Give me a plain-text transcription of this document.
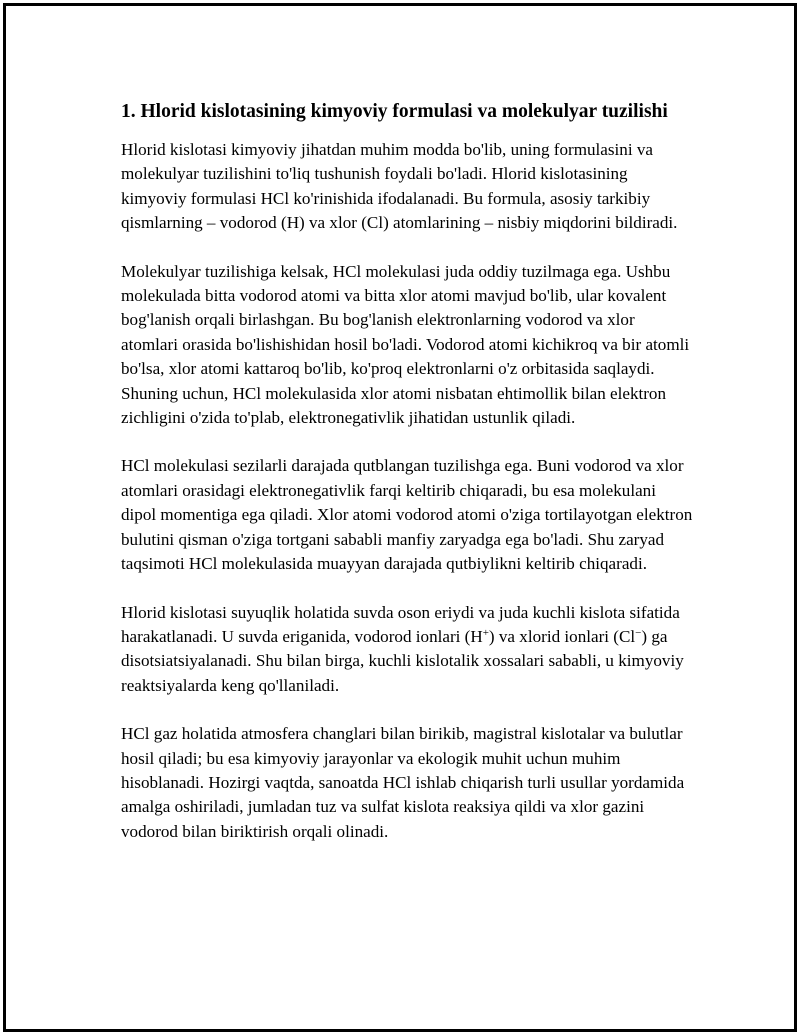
1. Hlorid kislotasining kimyoviy formulasi va molekulyar tuzilishi

Hlorid kislotasi kimyoviy jihatdan muhim modda bo'lib, uning formulasini va molekulyar tuzilishini to'liq tushunish foydali bo'ladi. Hlorid kislotasining kimyoviy formulasi HCl ko'rinishida ifodalanadi. Bu formula, asosiy tarkibiy qismlarning – vodorod (H) va xlor (Cl) atomlarining – nisbiy miqdorini bildiradi.

Molekulyar tuzilishiga kelsak, HCl molekulasi juda oddiy tuzilmaga ega. Ushbu molekulada bitta vodorod atomi va bitta xlor atomi mavjud bo'lib, ular kovalent bog'lanish orqali birlashgan. Bu bog'lanish elektronlarning vodorod va xlor atomlari orasida bo'lishishidan hosil bo'ladi. Vodorod atomi kichikroq va bir atomli bo'lsa, xlor atomi kattaroq bo'lib, ko'proq elektronlarni o'z orbitasida saqlaydi. Shuning uchun, HCl molekulasida xlor atomi nisbatan ehtimollik bilan elektron zichligini o'zida to'plab, elektronegativlik jihatidan ustunlik qiladi.

HCl molekulasi sezilarli darajada qutblangan tuzilishga ega. Buni vodorod va xlor atomlari orasidagi elektronegativlik farqi keltirib chiqaradi, bu esa molekulani dipol momentiga ega qiladi. Xlor atomi vodorod atomi o'ziga tortilayotgan elektron bulutini qisman o'ziga tortgani sababli manfiy zaryadga ega bo'ladi. Shu zaryad taqsimoti HCl molekulasida muayyan darajada qutbiylikni keltirib chiqaradi.

Hlorid kislotasi suyuqlik holatida suvda oson eriydi va juda kuchli kislota sifatida harakatlanadi. U suvda eriganida, vodorod ionlari (H+) va xlorid ionlari (Cl−) ga disotsiatsiyalanadi. Shu bilan birga, kuchli kislotalik xossalari sababli, u kimyoviy reaktsiyalarda keng qo'llaniladi.

HCl gaz holatida atmosfera changlari bilan birikib, magistral kislotalar va bulutlar hosil qiladi; bu esa kimyoviy jarayonlar va ekologik muhit uchun muhim hisoblanadi. Hozirgi vaqtda, sanoatda HCl ishlab chiqarish turli usullar yordamida amalga oshiriladi, jumladan tuz va sulfat kislota reaksiya qildi va xlor gazini vodorod bilan biriktirish orqali olinadi.
